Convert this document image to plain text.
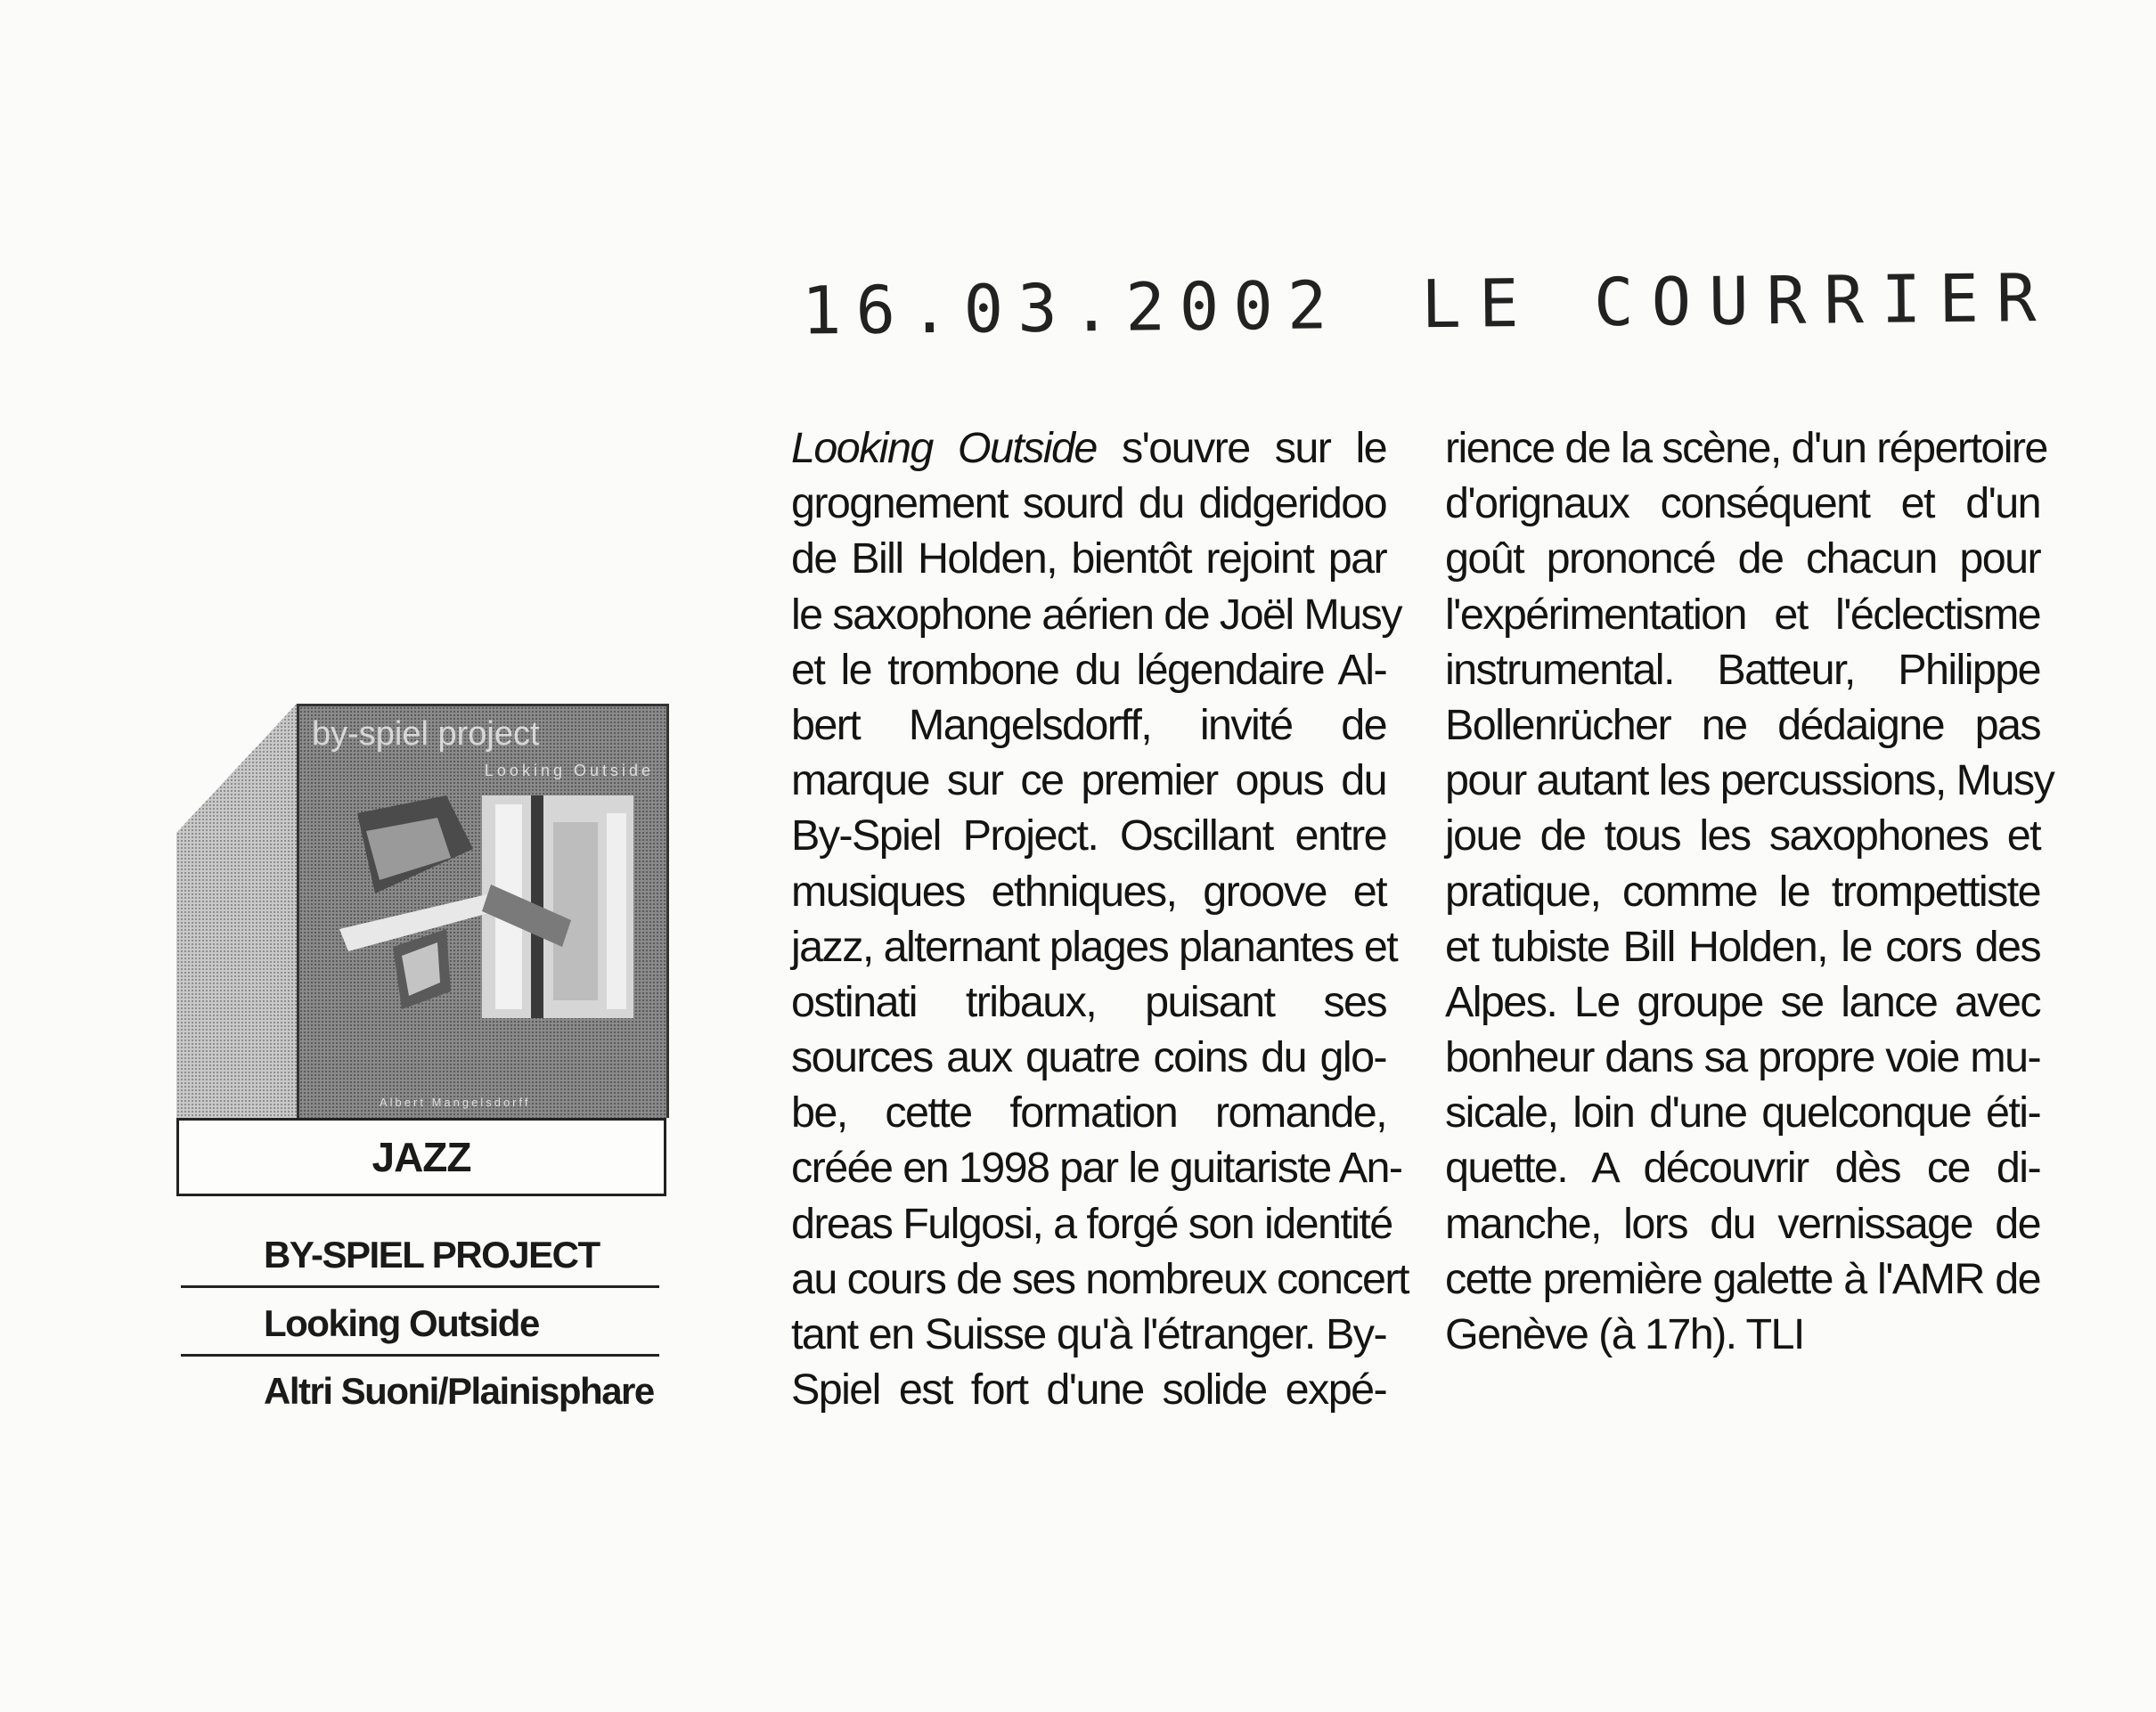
16.03.2002 LE COURRIER
by-spiel project
Looking Outside
Albert Mangelsdorff
JAZZ
BY-SPIEL PROJECT
Looking Outside
Altri Suoni/Plainisphare
Looking Outside s'ouvre sur le
grognement sourd du didgeridoo
de Bill Holden, bientôt rejoint par
le saxophone aérien de Joël Musy
et le trombone du légendaire Al-
bert Mangelsdorff, invité de
marque sur ce premier opus du
By-Spiel Project. Oscillant entre
musiques ethniques, groove et
jazz, alternant plages planantes et
ostinati tribaux, puisant ses
sources aux quatre coins du glo-
be, cette formation romande,
créée en 1998 par le guitariste An-
dreas Fulgosi, a forgé son identité
au cours de ses nombreux concert
tant en Suisse qu'à l'étranger. By-
Spiel est fort d'une solide expé-
rience de la scène, d'un répertoire
d'orignaux conséquent et d'un
goût prononcé de chacun pour
l'expérimentation et l'éclectisme
instrumental. Batteur, Philippe
Bollenrücher ne dédaigne pas
pour autant les percussions, Musy
joue de tous les saxophones et
pratique, comme le trompettiste
et tubiste Bill Holden, le cors des
Alpes. Le groupe se lance avec
bonheur dans sa propre voie mu-
sicale, loin d'une quelconque éti-
quette. A découvrir dès ce di-
manche, lors du vernissage de
cette première galette à l'AMR de
Genève (à 17h). TLI
